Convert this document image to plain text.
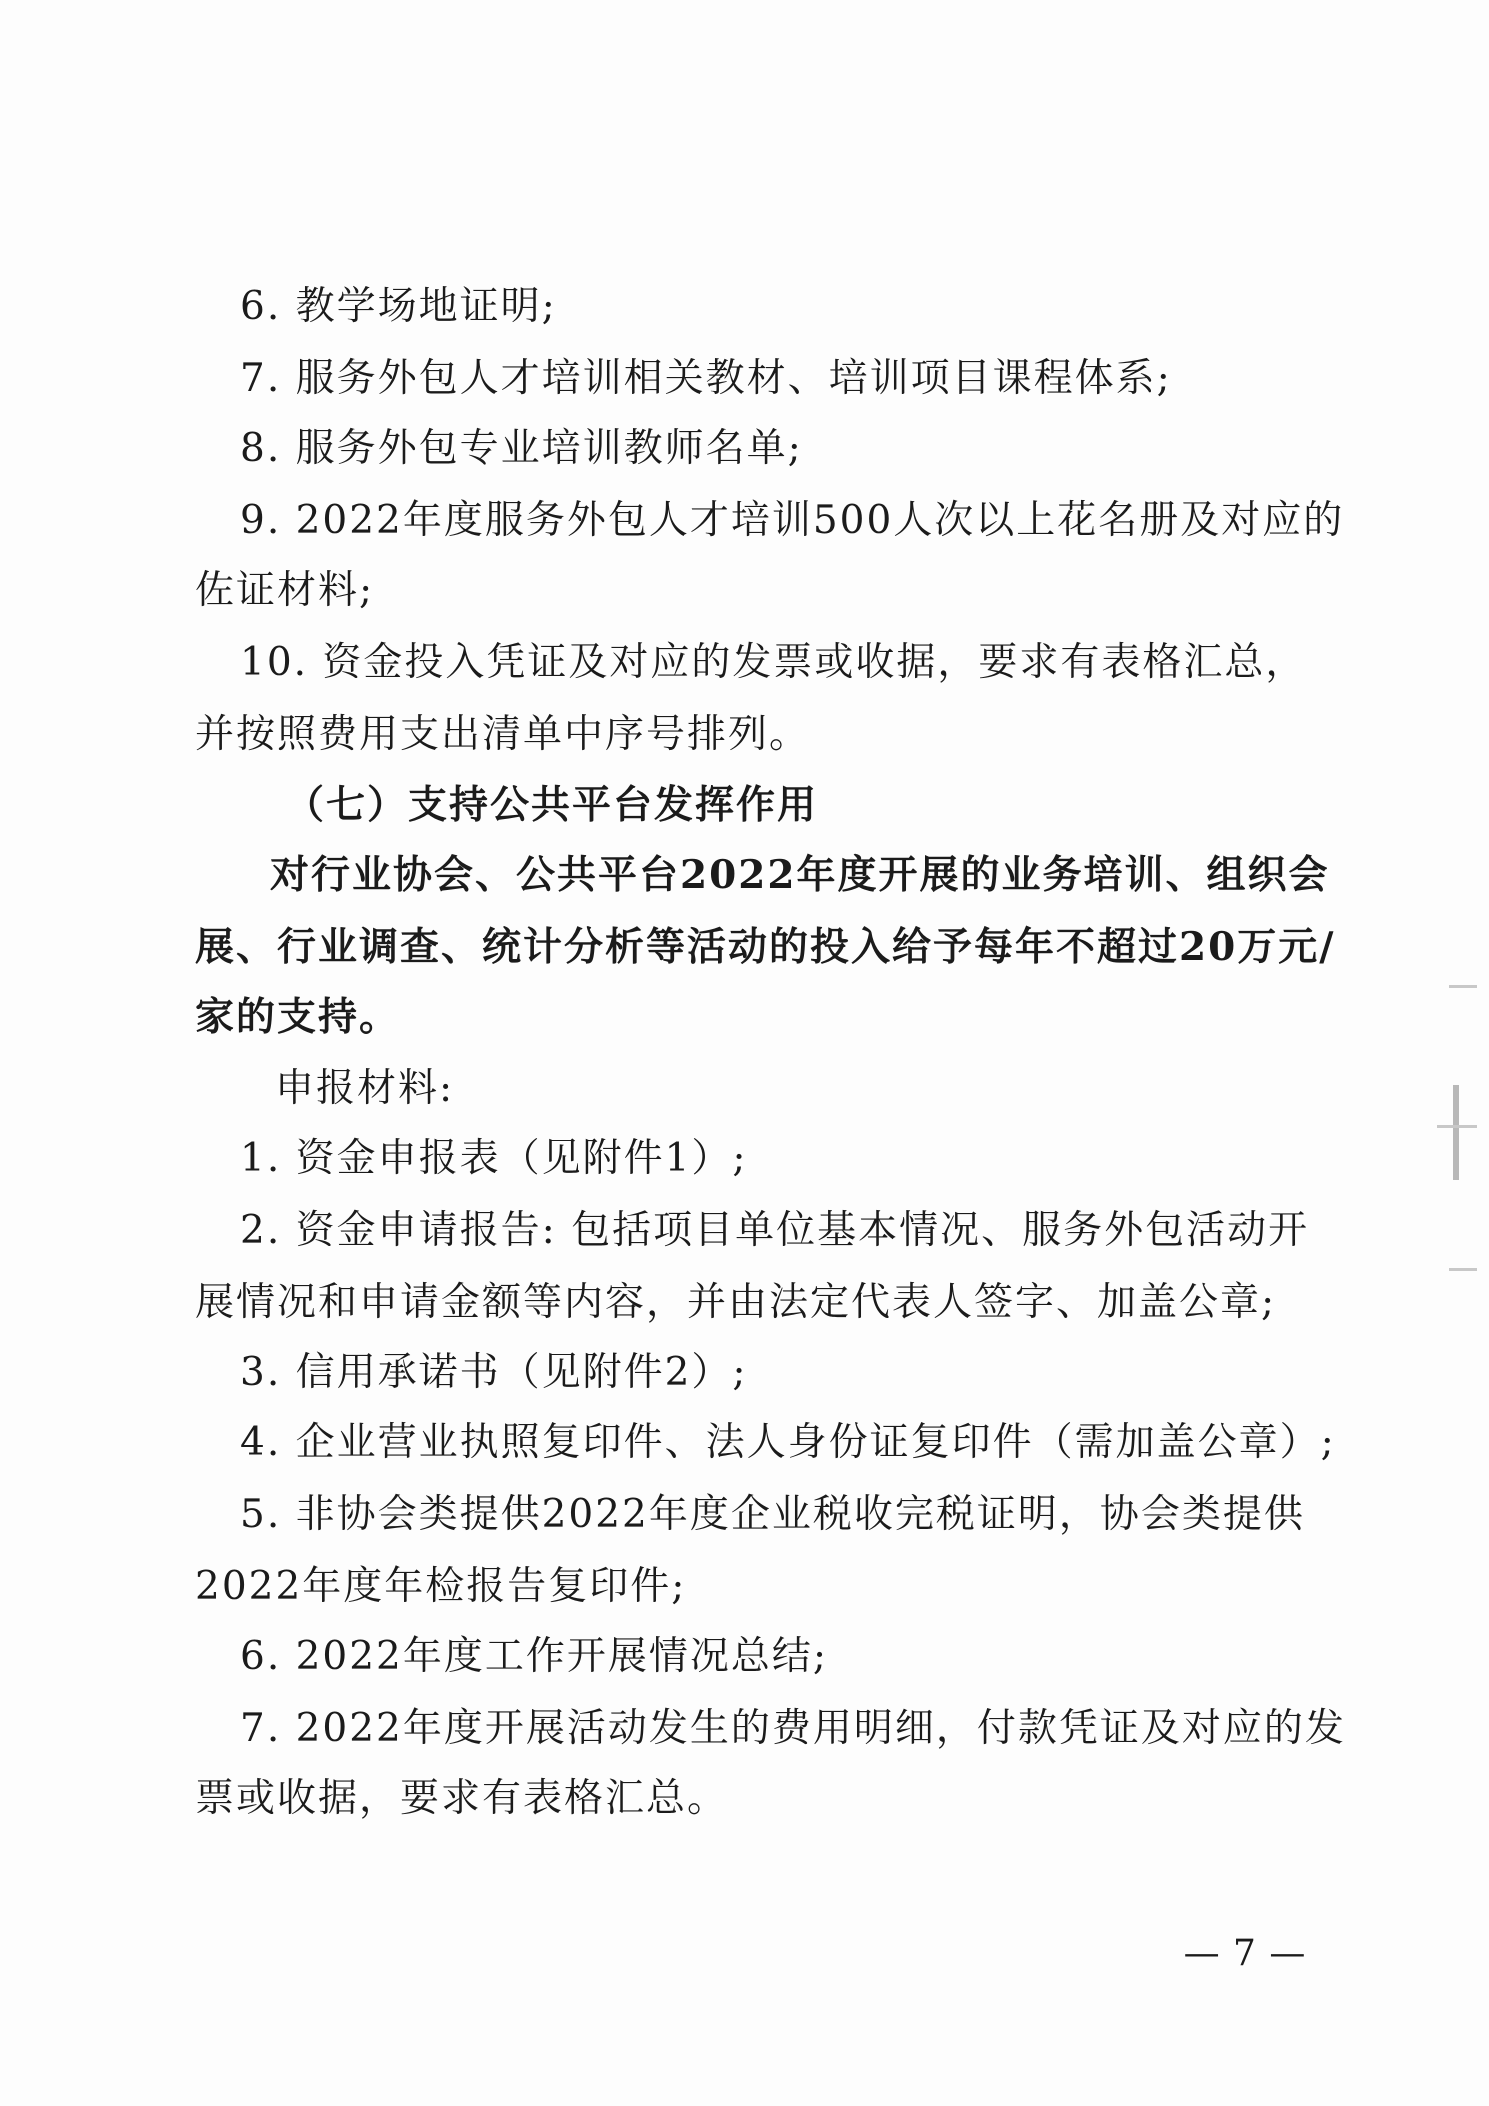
6. 教学场地证明;
7. 服务外包人才培训相关教材、培训项目课程体系;
8. 服务外包专业培训教师名单;
9. 2022年度服务外包人才培训500人次以上花名册及对应的
佐证材料;
10. 资金投入凭证及对应的发票或收据，要求有表格汇总，
并按照费用支出清单中序号排列。
（七）支持公共平台发挥作用
对行业协会、公共平台2022年度开展的业务培训、组织会
展、行业调查、统计分析等活动的投入给予每年不超过20万元/
家的支持。
申报材料:
1. 资金申报表（见附件1）;
2. 资金申请报告: 包括项目单位基本情况、服务外包活动开
展情况和申请金额等内容，并由法定代表人签字、加盖公章;
3. 信用承诺书（见附件2）;
4. 企业营业执照复印件、法人身份证复印件（需加盖公章）;
5. 非协会类提供2022年度企业税收完税证明，协会类提供
2022年度年检报告复印件;
6. 2022年度工作开展情况总结;
7. 2022年度开展活动发生的费用明细，付款凭证及对应的发
票或收据，要求有表格汇总。
— 7 —
